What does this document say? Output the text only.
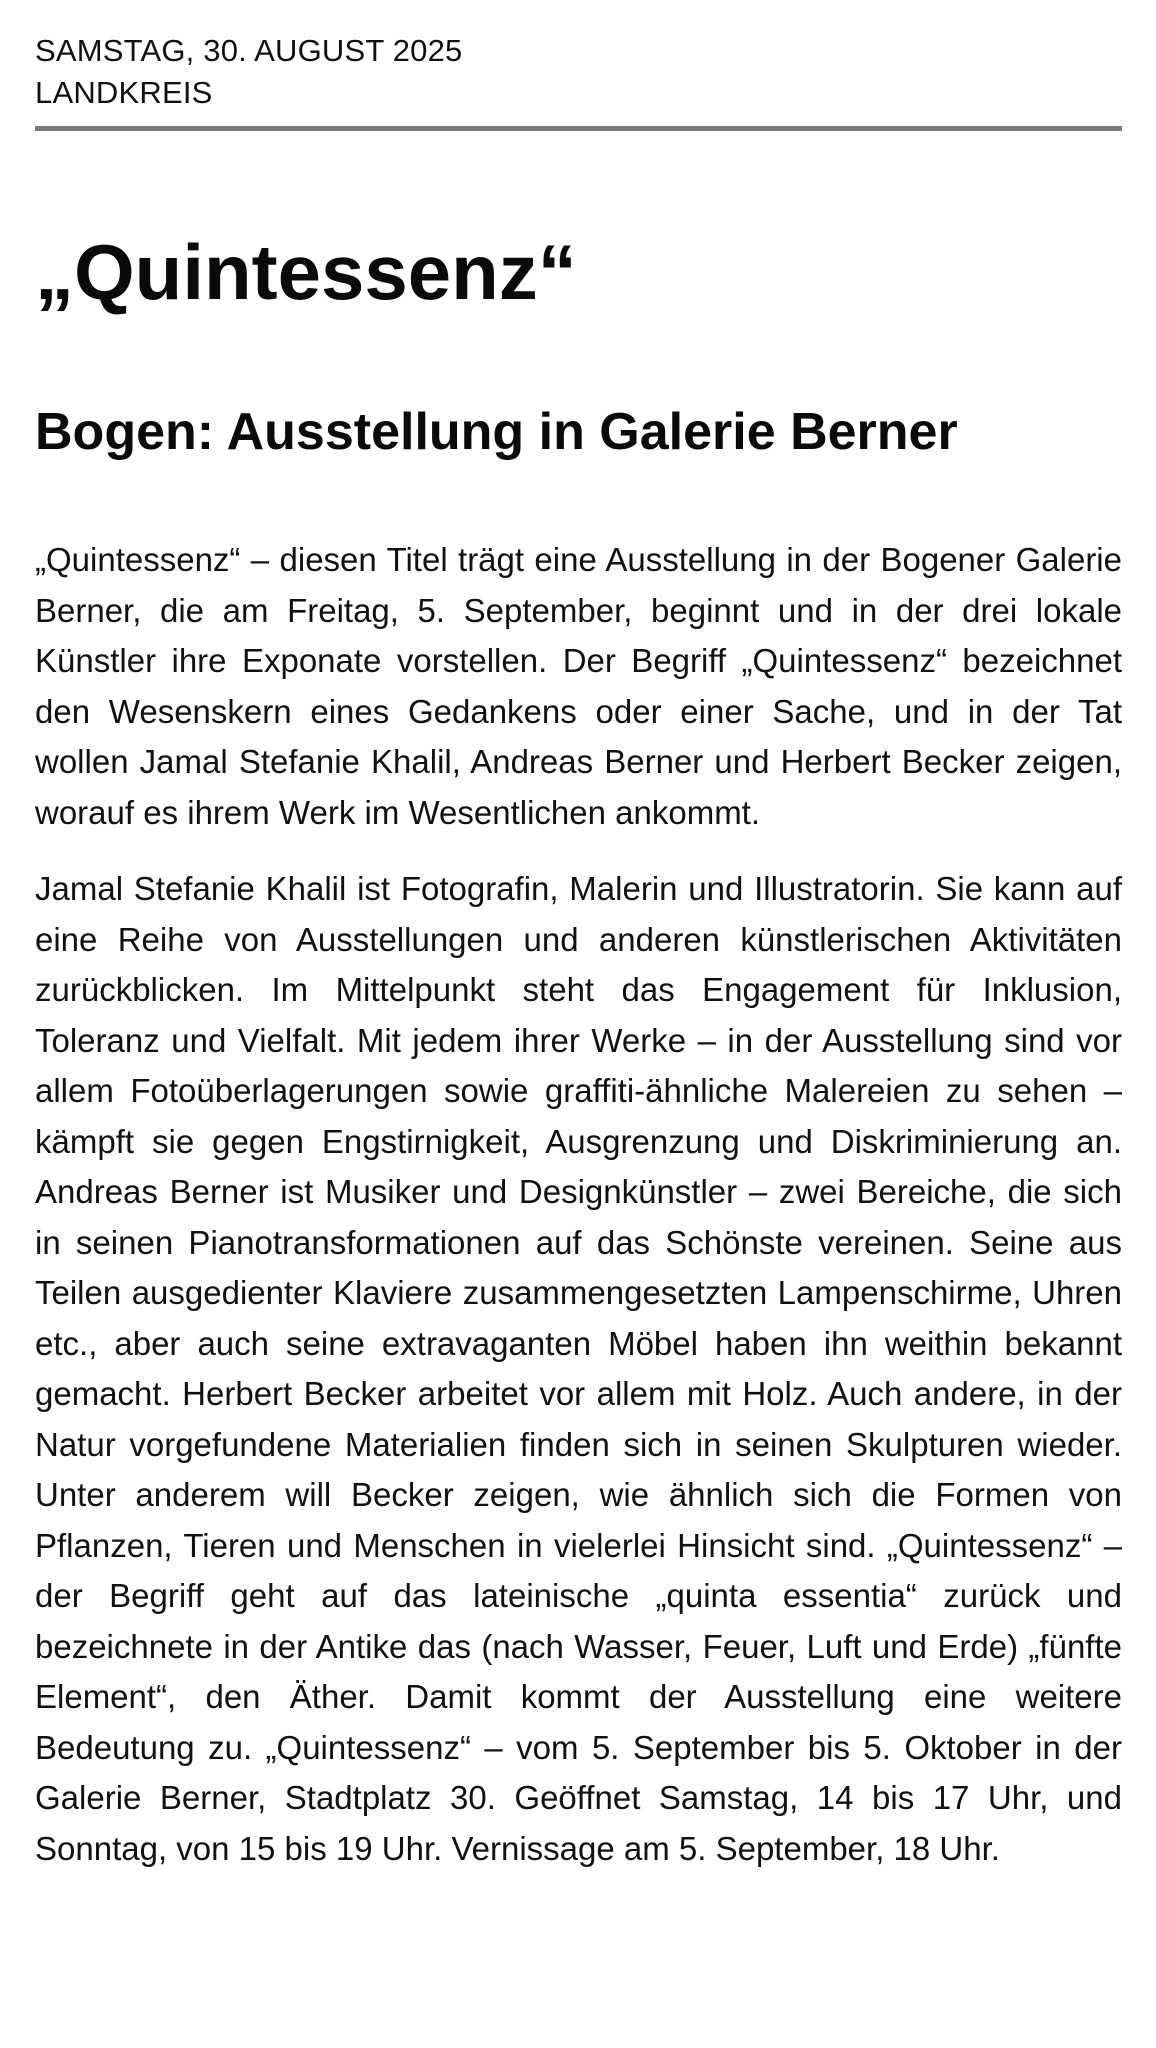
SAMSTAG, 30. AUGUST 2025
LANDKREIS
„Quintessenz“
Bogen: Ausstellung in Galerie Berner

„Quintessenz“ – diesen Titel trägt eine Ausstellung in der Bogener Galerie Berner, die am Freitag, 5. September, beginnt und in der drei lokale Künstler ihre Exponate vorstellen. Der Begriff „Quintessenz“ bezeichnet den Wesenskern eines Gedankens oder einer Sache, und in der Tat wollen Jamal Stefanie Khalil, Andreas Berner und Herbert Becker zeigen, worauf es ihrem Werk im Wesentlichen ankommt.

Jamal Stefanie Khalil ist Fotografin, Malerin und Illustratorin. Sie kann auf eine Reihe von Ausstellungen und anderen künstlerischen Aktivitäten zurückblicken. Im Mittelpunkt steht das Engagement für Inklusion, Toleranz und Vielfalt. Mit jedem ihrer Werke – in der Ausstellung sind vor allem Fotoüberlagerungen sowie graffiti-ähnliche Malereien zu sehen – kämpft sie gegen Engstirnigkeit, Ausgrenzung und Diskriminierung an. Andreas Berner ist Musiker und Designkünstler – zwei Bereiche, die sich in seinen Pianotransformationen auf das Schönste vereinen. Seine aus Teilen ausgedienter Klaviere zusammengesetzten Lampenschirme, Uhren etc., aber auch seine extravaganten Möbel haben ihn weithin bekannt gemacht. Herbert Becker arbeitet vor allem mit Holz. Auch andere, in der Natur vorgefundene Materialien finden sich in seinen Skulpturen wieder. Unter anderem will Becker zeigen, wie ähnlich sich die Formen von Pflanzen, Tieren und Menschen in vielerlei Hinsicht sind. „Quintessenz“ – der Begriff geht auf das lateinische „quinta essentia“ zurück und bezeichnete in der Antike das (nach Wasser, Feuer, Luft und Erde) „fünfte Element“, den Äther. Damit kommt der Ausstellung eine weitere Bedeutung zu. „Quintessenz“ – vom 5. September bis 5. Oktober in der Galerie Berner, Stadtplatz 30. Geöffnet Samstag, 14 bis 17 Uhr, und Sonntag, von 15 bis 19 Uhr. Vernissage am 5. September, 18 Uhr.
